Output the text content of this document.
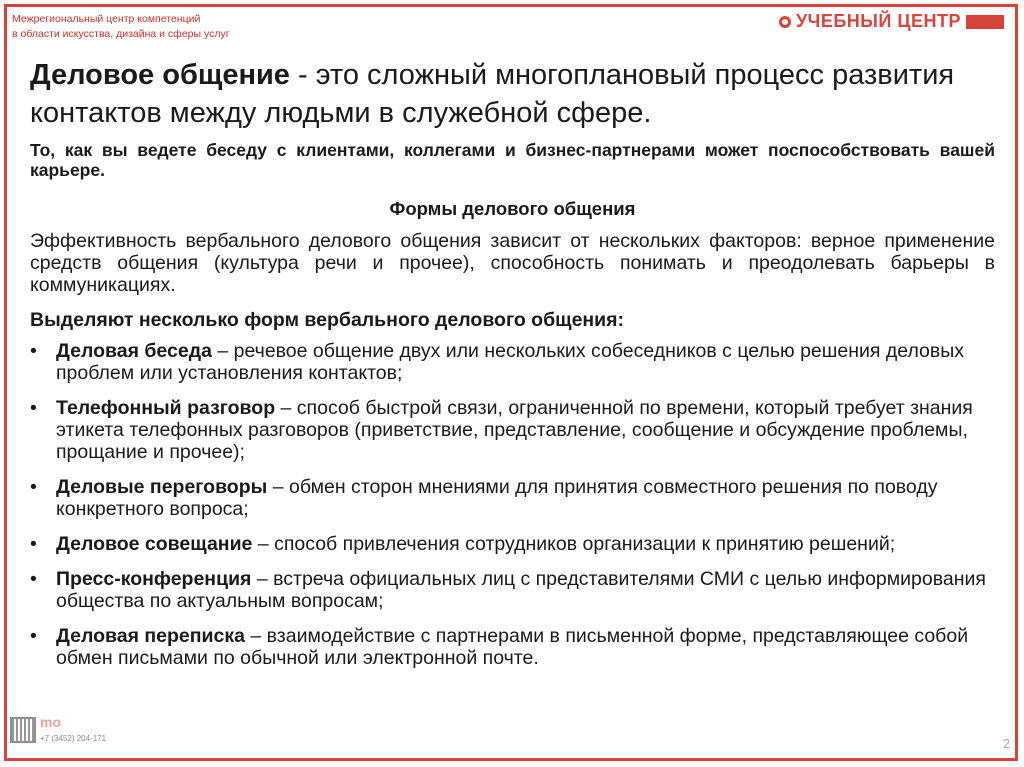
Межрегиональный центр компетенций
в области искусства, дизайна и сферы услуг
УЧЕБНЫЙ ЦЕНТР

Деловое общение - это сложный многоплановый процесс развития контактов между людьми в служебной сфере.

То, как вы ведете беседу с клиентами, коллегами и бизнес-партнерами может поспособствовать вашей карьере.

Формы делового общения

Эффективность вербального делового общения зависит от нескольких факторов: верное применение средств общения (культура речи и прочее), способность понимать и преодолевать барьеры в коммуникациях.

Выделяют несколько форм вербального делового общения:

• Деловая беседа – речевое общение двух или нескольких собеседников с целью решения деловых проблем или установления контактов;
• Телефонный разговор – способ быстрой связи, ограниченной по времени, который требует знания этикета телефонных разговоров (приветствие, представление, сообщение и обсуждение проблемы, прощание и прочее);
• Деловые переговоры – обмен сторон мнениями для принятия совместного решения по поводу конкретного вопроса;
• Деловое совещание – способ привлечения сотрудников организации к принятию решений;
• Пресс-конференция – встреча официальных лиц с представителями СМИ с целью информирования общества по актуальным вопросам;
• Деловая переписка – взаимодействие с партнерами в письменной форме, представляющее собой обмен письмами по обычной или электронной почте.
mo
+7 (3452) 204-171	2
